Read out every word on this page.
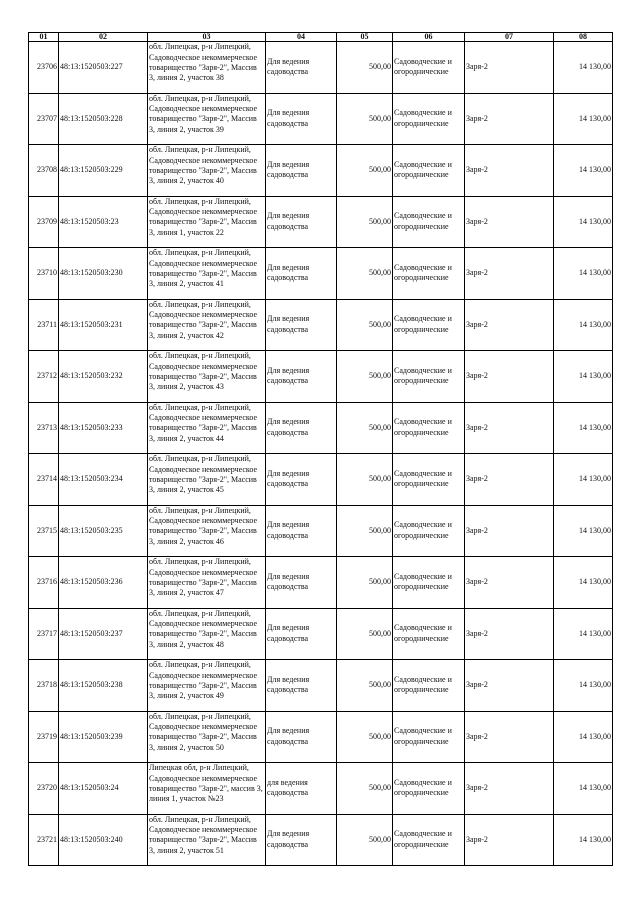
01	02	03	04	05	06	07	08
23706	48:13:1520503:227	обл. Липецкая, р-н Липецкий, Садоводческое некоммерческое товарищество "Заря-2", Массив 3, линия 2, участок 38	Для ведения садоводства	500,00	Садоводческие и огороднические	Заря-2	14 130,00
23707	48:13:1520503:228	обл. Липецкая, р-н Липецкий, Садоводческое некоммерческое товарищество "Заря-2", Массив 3, линия 2, участок 39	Для ведения садоводства	500,00	Садоводческие и огороднические	Заря-2	14 130,00
23708	48:13:1520503:229	обл. Липецкая, р-н Липецкий, Садоводческое некоммерческое товарищество "Заря-2", Массив 3, линия 2, участок 40	Для ведения садоводства	500,00	Садоводческие и огороднические	Заря-2	14 130,00
23709	48:13:1520503:23	обл. Липецкая, р-н Липецкий, Садоводческое некоммерческое товарищество "Заря-2", Массив 3, линия 1, участок 22	Для ведения садоводства	500,00	Садоводческие и огороднические	Заря-2	14 130,00
23710	48:13:1520503:230	обл. Липецкая, р-н Липецкий, Садоводческое некоммерческое товарищество "Заря-2", Массив 3, линия 2, участок 41	Для ведения садоводства	500,00	Садоводческие и огороднические	Заря-2	14 130,00
23711	48:13:1520503:231	обл. Липецкая, р-н Липецкий, Садоводческое некоммерческое товарищество "Заря-2", Массив 3, линия 2, участок 42	Для ведения садоводства	500,00	Садоводческие и огороднические	Заря-2	14 130,00
23712	48:13:1520503:232	обл. Липецкая, р-н Липецкий, Садоводческое некоммерческое товарищество "Заря-2", Массив 3, линия 2, участок 43	Для ведения садоводства	500,00	Садоводческие и огороднические	Заря-2	14 130,00
23713	48:13:1520503:233	обл. Липецкая, р-н Липецкий, Садоводческое некоммерческое товарищество "Заря-2", Массив 3, линия 2, участок 44	Для ведения садоводства	500,00	Садоводческие и огороднические	Заря-2	14 130,00
23714	48:13:1520503:234	обл. Липецкая, р-н Липецкий, Садоводческое некоммерческое товарищество "Заря-2", Массив 3, линия 2, участок 45	Для ведения садоводства	500,00	Садоводческие и огороднические	Заря-2	14 130,00
23715	48:13:1520503:235	обл. Липецкая, р-н Липецкий, Садоводческое некоммерческое товарищество "Заря-2", Массив 3, линия 2, участок 46	Для ведения садоводства	500,00	Садоводческие и огороднические	Заря-2	14 130,00
23716	48:13:1520503:236	обл. Липецкая, р-н Липецкий, Садоводческое некоммерческое товарищество "Заря-2", Массив 3, линия 2, участок 47	Для ведения садоводства	500,00	Садоводческие и огороднические	Заря-2	14 130,00
23717	48:13:1520503:237	обл. Липецкая, р-н Липецкий, Садоводческое некоммерческое товарищество "Заря-2", Массив 3, линия 2, участок 48	Для ведения садоводства	500,00	Садоводческие и огороднические	Заря-2	14 130,00
23718	48:13:1520503:238	обл. Липецкая, р-н Липецкий, Садоводческое некоммерческое товарищество "Заря-2", Массив 3, линия 2, участок 49	Для ведения садоводства	500,00	Садоводческие и огороднические	Заря-2	14 130,00
23719	48:13:1520503:239	обл. Липецкая, р-н Липецкий, Садоводческое некоммерческое товарищество "Заря-2", Массив 3, линия 2, участок 50	Для ведения садоводства	500,00	Садоводческие и огороднические	Заря-2	14 130,00
23720	48:13:1520503:24	Липецкая обл, р-н Липецкий, Садоводческое некоммерческое товарищество "Заря-2", массив 3, линия 1, участок №23	для ведения садоводства	500,00	Садоводческие и огороднические	Заря-2	14 130,00
23721	48:13:1520503:240	обл. Липецкая, р-н Липецкий, Садоводческое некоммерческое товарищество "Заря-2", Массив 3, линия 2, участок 51	Для ведения садоводства	500,00	Садоводческие и огороднические	Заря-2	14 130,00
